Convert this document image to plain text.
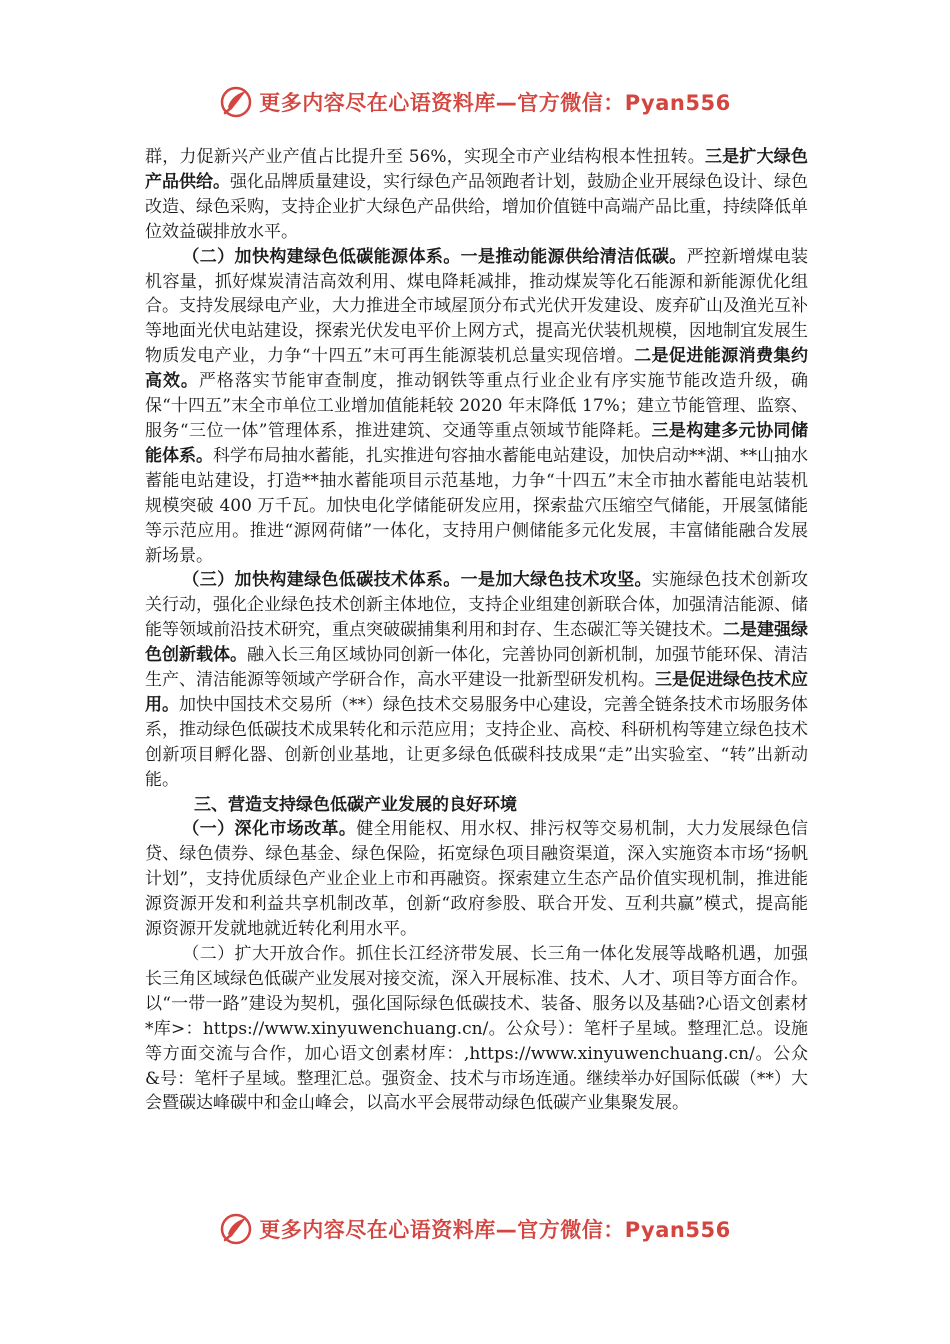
更多内容尽在心语资料库—官方微信：Pyan556

群，力促新兴产业产值占比提升至 56%，实现全市产业结构根本性扭转。三是扩大绿色产品供给。强化品牌质量建设，实行绿色产品领跑者计划，鼓励企业开展绿色设计、绿色改造、绿色采购，支持企业扩大绿色产品供给，增加价值链中高端产品比重，持续降低单位效益碳排放水平。

（二）加快构建绿色低碳能源体系。一是推动能源供给清洁低碳。严控新增煤电装机容量，抓好煤炭清洁高效利用、煤电降耗减排，推动煤炭等化石能源和新能源优化组合。支持发展绿电产业，大力推进全市域屋顶分布式光伏开发建设、废弃矿山及渔光互补等地面光伏电站建设，探索光伏发电平价上网方式，提高光伏装机规模，因地制宜发展生物质发电产业，力争“十四五”末可再生能源装机总量实现倍增。二是促进能源消费集约高效。严格落实节能审查制度，推动钢铁等重点行业企业有序实施节能改造升级，确保“十四五”末全市单位工业增加值能耗较 2020 年末降低 17%；建立节能管理、监察、服务“三位一体”管理体系，推进建筑、交通等重点领域节能降耗。三是构建多元协同储能体系。科学布局抽水蓄能，扎实推进句容抽水蓄能电站建设，加快启动**湖、**山抽水蓄能电站建设，打造**抽水蓄能项目示范基地，力争“十四五”末全市抽水蓄能电站装机规模突破 400 万千瓦。加快电化学储能研发应用，探索盐穴压缩空气储能，开展氢储能等示范应用。推进“源网荷储”一体化，支持用户侧储能多元化发展，丰富储能融合发展新场景。

（三）加快构建绿色低碳技术体系。一是加大绿色技术攻坚。实施绿色技术创新攻关行动，强化企业绿色技术创新主体地位，支持企业组建创新联合体，加强清洁能源、储能等领域前沿技术研究，重点突破碳捕集利用和封存、生态碳汇等关键技术。二是建强绿色创新载体。融入长三角区域协同创新一体化，完善协同创新机制，加强节能环保、清洁生产、清洁能源等领域产学研合作，高水平建设一批新型研发机构。三是促进绿色技术应用。加快中国技术交易所（**）绿色技术交易服务中心建设，完善全链条技术市场服务体系，推动绿色低碳技术成果转化和示范应用；支持企业、高校、科研机构等建立绿色技术创新项目孵化器、创新创业基地，让更多绿色低碳科技成果“走”出实验室、“转”出新动能。

三、营造支持绿色低碳产业发展的良好环境

（一）深化市场改革。健全用能权、用水权、排污权等交易机制，大力发展绿色信贷、绿色债券、绿色基金、绿色保险，拓宽绿色项目融资渠道，深入实施资本市场“扬帆计划”，支持优质绿色产业企业上市和再融资。探索建立生态产品价值实现机制，推进能源资源开发和利益共享机制改革，创新“政府参股、联合开发、互利共赢”模式，提高能源资源开发就地就近转化利用水平。

（二）扩大开放合作。抓住长江经济带发展、长三角一体化发展等战略机遇，加强长三角区域绿色低碳产业发展对接交流，深入开展标准、技术、人才、项目等方面合作。以“一带一路”建设为契机，强化国际绿色低碳技术、装备、服务以及基础?心语文创素材*库>：https://www.xinyuwenchuang.cn/。公众号）：笔杆子星域。整理汇总。设施等方面交流与合作，加心语文创素材库：,https://www.xinyuwenchuang.cn/。公众&号：笔杆子星域。整理汇总。强资金、技术与市场连通。继续举办好国际低碳（**）大会暨碳达峰碳中和金山峰会，以高水平会展带动绿色低碳产业集聚发展。

更多内容尽在心语资料库—官方微信：Pyan556
